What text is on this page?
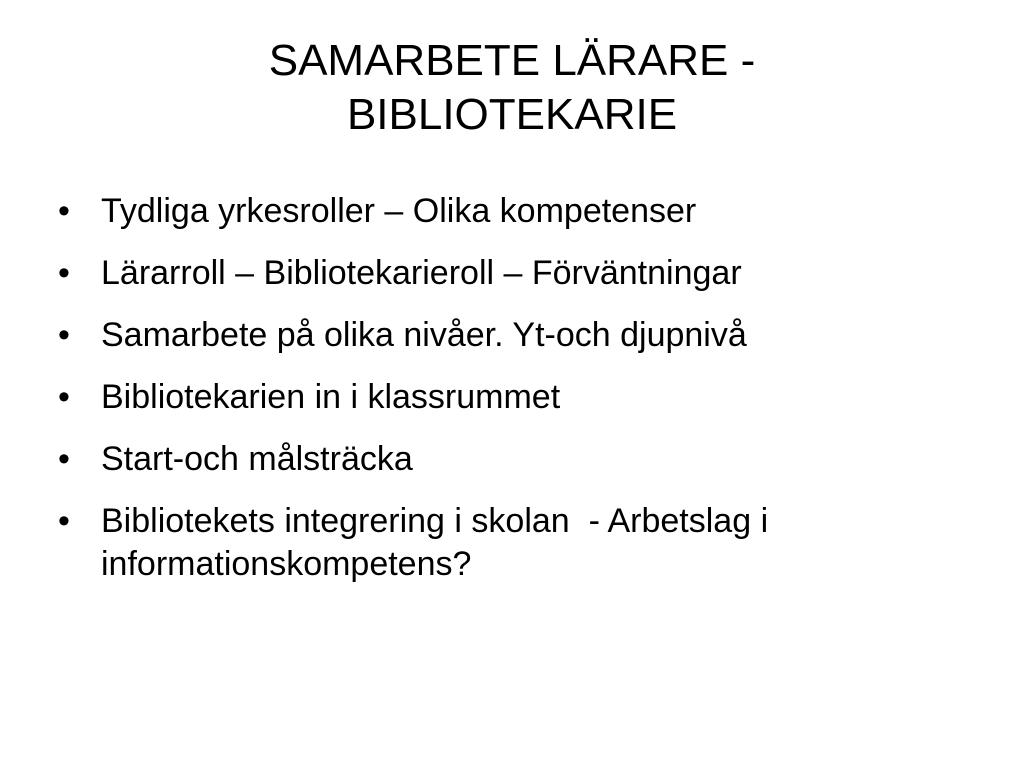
SAMARBETE LÄRARE -
BIBLIOTEKARIE
• Tydliga yrkesroller – Olika kompetenser
• Lärarroll – Bibliotekarieroll – Förväntningar
• Samarbete på olika nivåer. Yt-och djupnivå
• Bibliotekarien in i klassrummet
• Start-och målsträcka
• Bibliotekets integrering i skolan  - Arbetslag i informationskompetens?
